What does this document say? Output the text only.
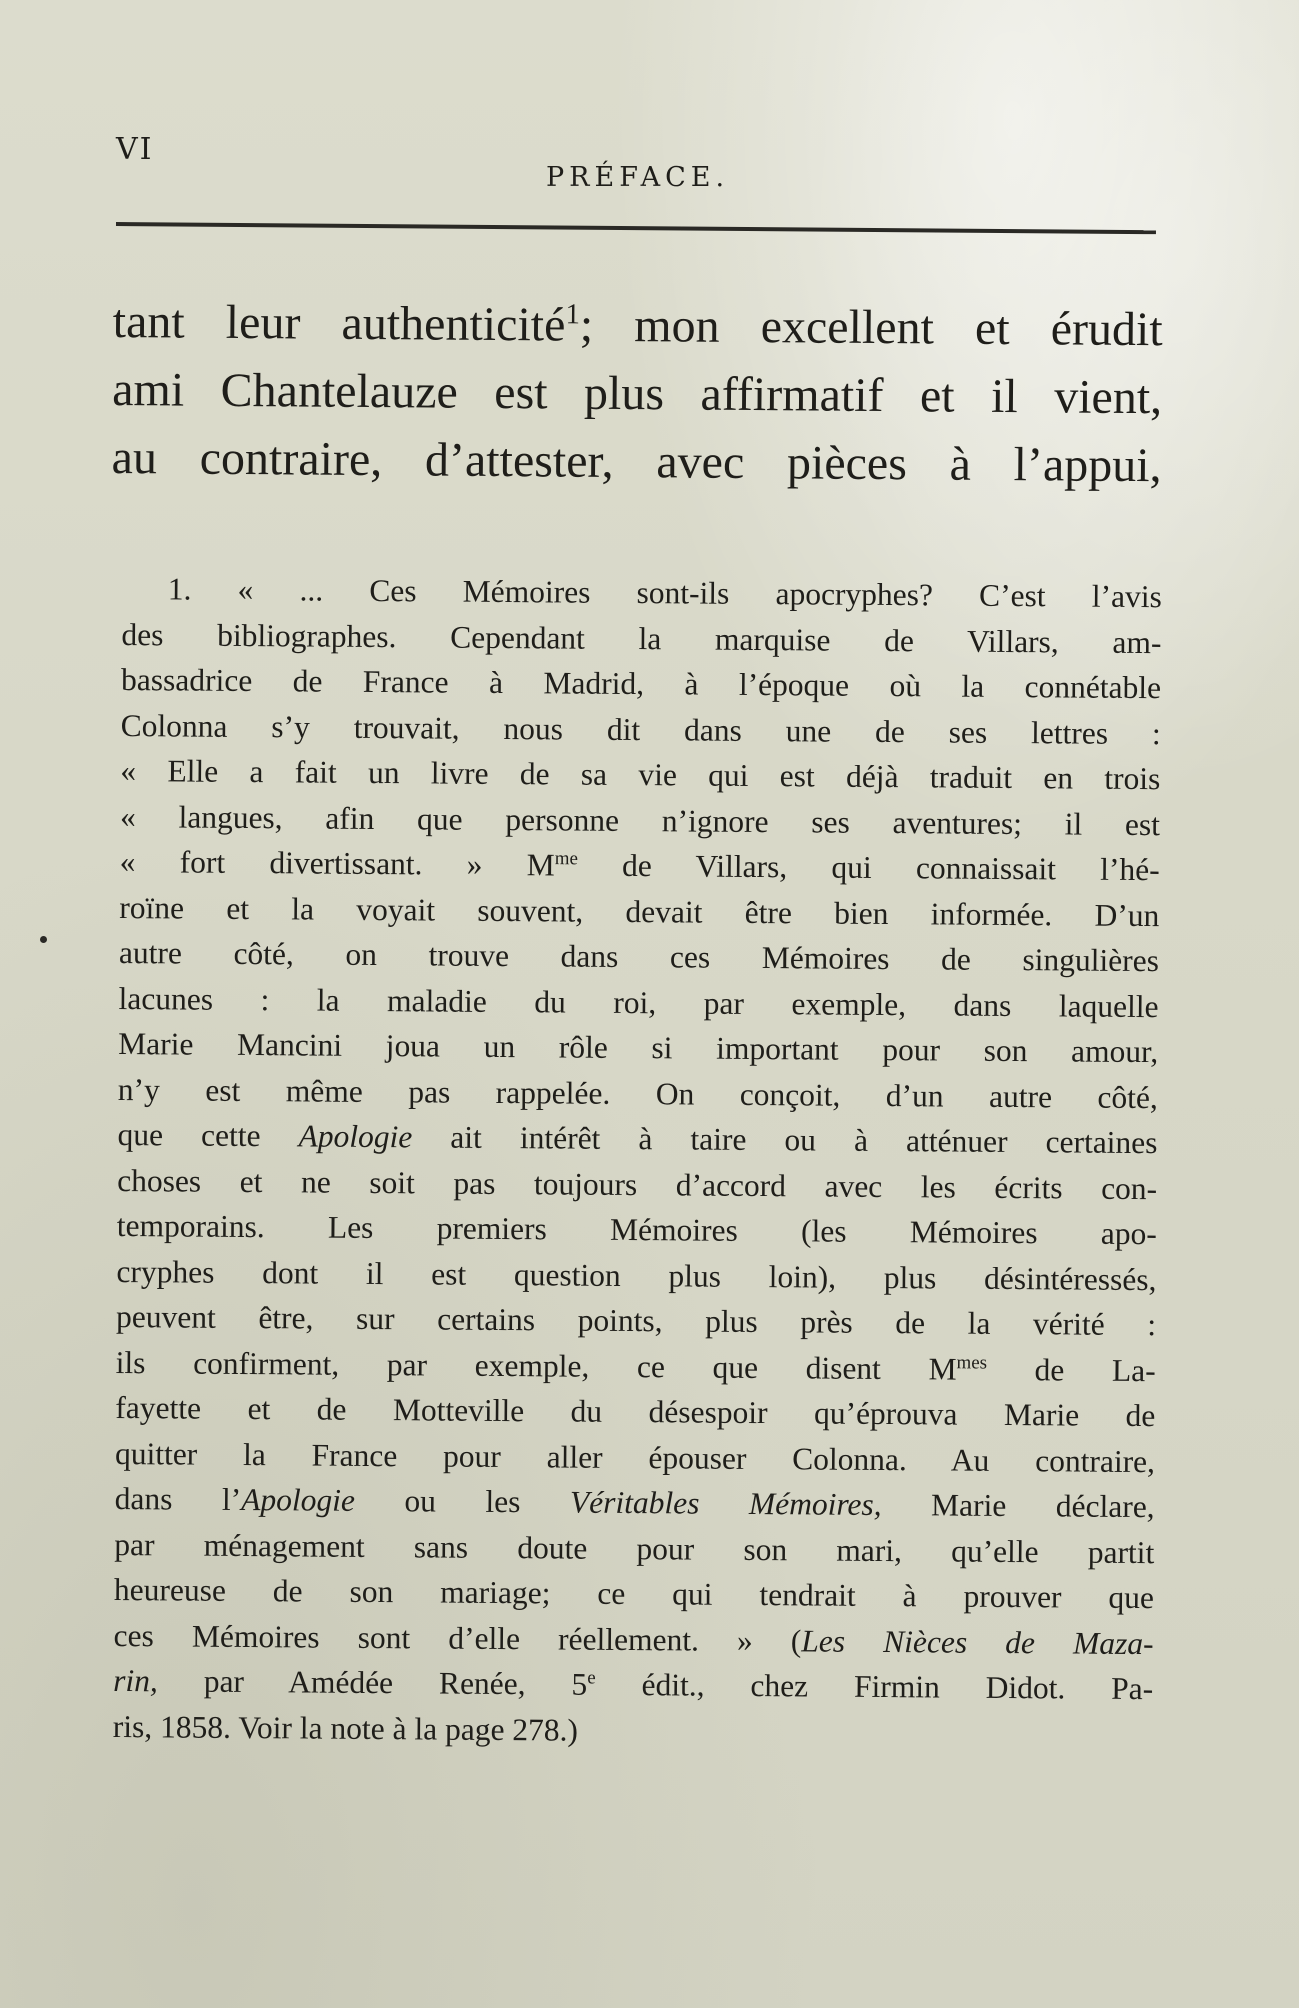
VI
PRÉFACE.
tant leur authenticité$^1$; mon excellent et érudit
ami Chantelauze est plus affirmatif et il vient,
au contraire, d’attester, avec pièces à l’appui,
1. « ... Ces Mémoires sont-ils apocryphes? C’est l’avis
des bibliographes. Cependant la marquise de Villars, am-
bassadrice de France à Madrid, à l’époque où la connétable
Colonna s’y trouvait, nous dit dans une de ses lettres :
« Elle a fait un livre de sa vie qui est déjà traduit en trois
« langues, afin que personne n’ignore ses aventures; il est
« fort divertissant. » $M^{me}$ de Villars, qui connaissait l’hé-
roïne et la voyait souvent, devait être bien informée. D’un
autre côté, on trouve dans ces Mémoires de singulières
lacunes : la maladie du roi, par exemple, dans laquelle
Marie Mancini joua un rôle si important pour son amour,
n’y est même pas rappelée. On conçoit, d’un autre côté,
que cette Apologie ait intérêt à taire ou à atténuer certaines
choses et ne soit pas toujours d’accord avec les écrits con-
temporains. Les premiers Mémoires (les Mémoires apo-
cryphes dont il est question plus loin), plus désintéressés,
peuvent être, sur certains points, plus près de la vérité :
ils confirment, par exemple, ce que disent $M^{mes}$ de La-
fayette et de Motteville du désespoir qu’éprouva Marie de
quitter la France pour aller épouser Colonna. Au contraire,
dans l’Apologie ou les Véritables Mémoires, Marie déclare,
par ménagement sans doute pour son mari, qu’elle partit
heureuse de son mariage; ce qui tendrait à prouver que
ces Mémoires sont d’elle réellement. » (Les Nièces de Maza-
rin, par Amédée Renée, 5e édit., chez Firmin Didot. Pa-
ris, 1858. Voir la note à la page 278.)
